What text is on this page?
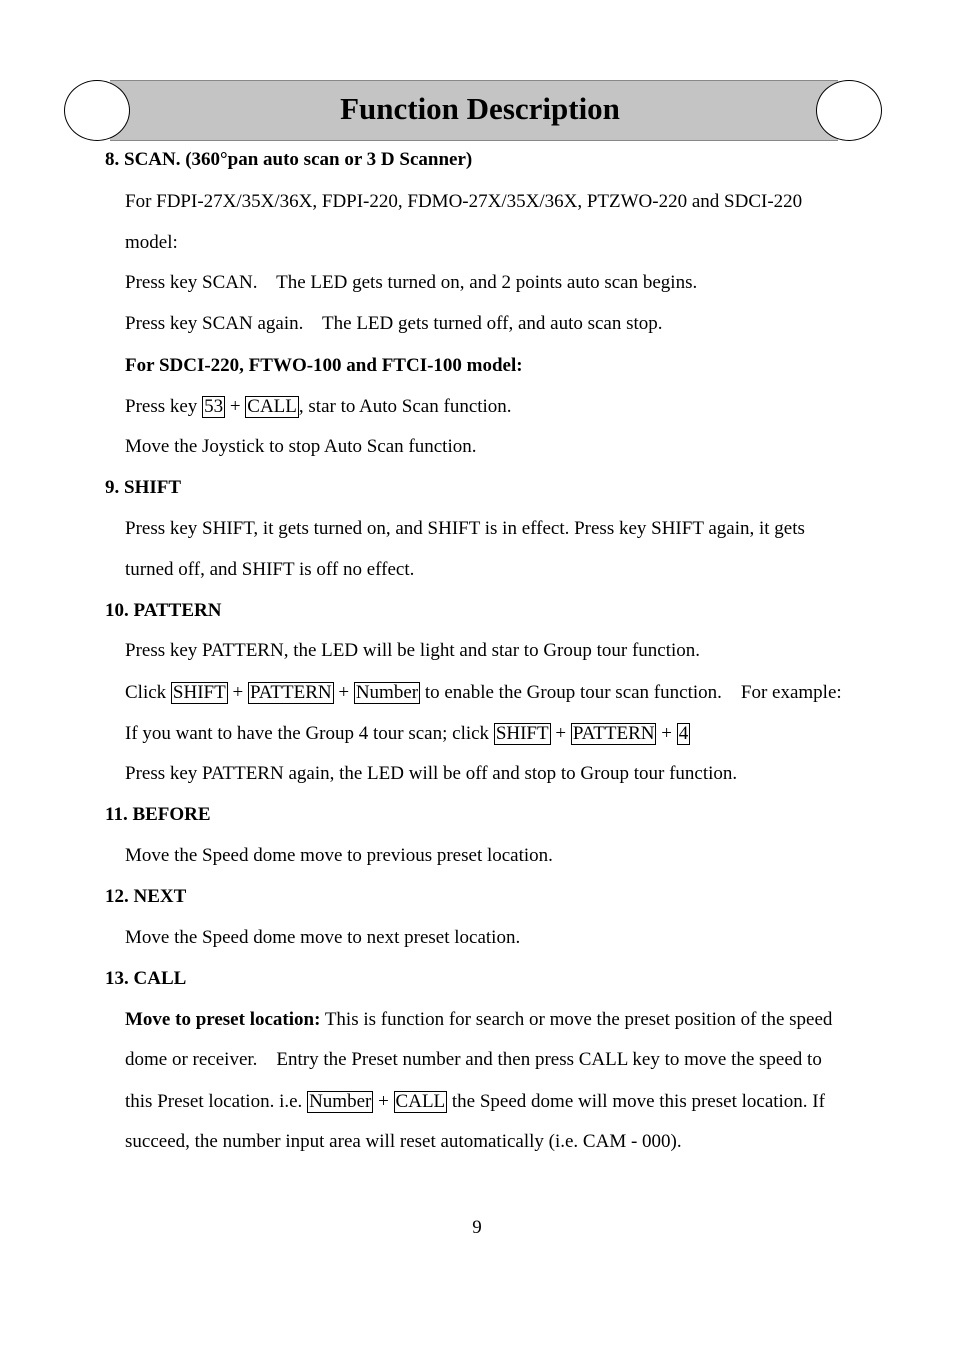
Function Description
8. SCAN. (360°pan auto scan or 3 D Scanner)
For FDPI-27X/35X/36X, FDPI-220, FDMO-27X/35X/36X, PTZWO-220 and SDCI-220
model:
Press key SCAN.    The LED gets turned on, and 2 points auto scan begins.
Press key SCAN again.    The LED gets turned off, and auto scan stop.
For SDCI-220, FTWO-100 and FTCI-100 model:
Press key 53 + CALL , star to Auto Scan function.
Move the Joystick to stop Auto Scan function.
9. SHIFT
Press key SHIFT, it gets turned on, and SHIFT is in effect. Press key SHIFT again, it gets
turned off, and SHIFT is off no effect.
10. PATTERN
Press key PATTERN, the LED will be light and star to Group tour function.
Click SHIFT + PATTERN + Number to enable the Group tour scan function.    For example:
If you want to have the Group 4 tour scan; click SHIFT + PATTERN + 4
Press key PATTERN again, the LED will be off and stop to Group tour function.
11. BEFORE
Move the Speed dome move to previous preset location.
12. NEXT
Move the Speed dome move to next preset location.
13. CALL
Move to preset location: This is function for search or move the preset position of the speed
dome or receiver.    Entry the Preset number and then press CALL key to move the speed to
this Preset location. i.e. Number + CALL the Speed dome will move this preset location. If
succeed, the number input area will reset automatically (i.e. CAM - 000).
9
